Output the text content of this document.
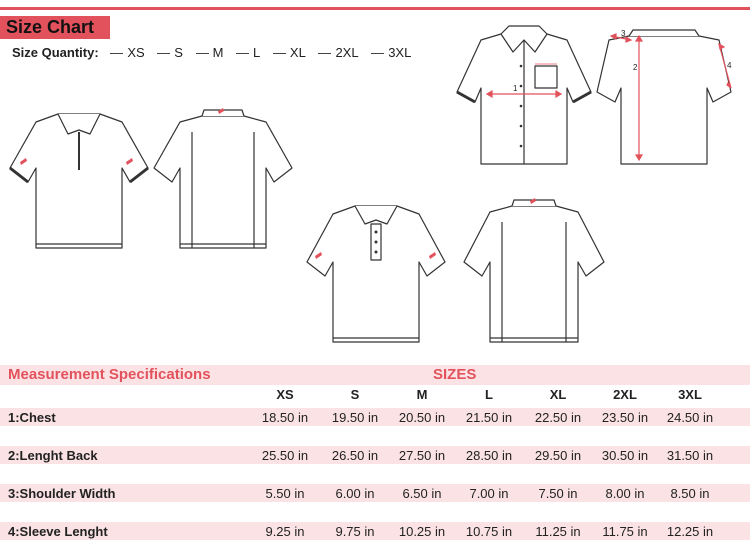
Size Chart
Size Quantity: XS S M L XL 2XL 3XL
1
2
3
4
Measurement Specifications	SIZES
XS	S	M	L	XL	2XL	3XL
1:Chest	18.50 in	19.50 in	20.50 in	21.50 in	22.50 in	23.50 in	24.50 in
2:Lenght Back	25.50 in	26.50 in	27.50 in	28.50 in	29.50 in	30.50 in	31.50 in
3:Shoulder Width	5.50 in	6.00 in	6.50 in	7.00 in	7.50 in	8.00 in	8.50 in
4:Sleeve Lenght	9.25 in	9.75 in	10.25 in	10.75 in	11.25 in	11.75 in	12.25 in
